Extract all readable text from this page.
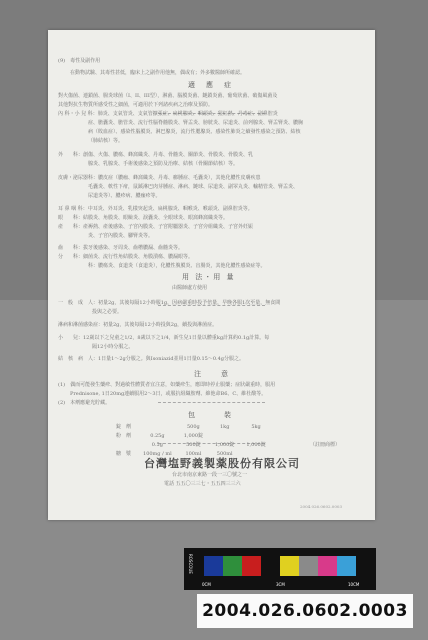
錠　劑		500g	1kg	5kg
粉　劑	0.25g	1,000錠		
	0.5g	500錠	1,000錠	1,000錠
糖　漿	100mg / ml	100ml	500ml	
（註冊商標）
台灣塩野義製薬股份有限公司
台北市南京東路一段一三〇號之一
電話 五五〇三三七・五五四三三六
2004.026.0602.0003
(9)　毒性及副作用
在動物試驗、其毒性甚低，臨床上之副作用他無，偶或有；外多數醫師所確認。
對火傷菌、連鎖菌、腸炎球菌（I、II、III型），淋菌、腦膜炎菌、鏈鎖炎菌、葡萄狀菌、破傷風菌及
其他對抗生物質所感受性之細菌，可適用於下列諸疾病之治療及預防。
內 科・小 兒 科：肺炎、支氣管炎、支氣管擴張症、扁桃腺炎、咽頭炎、猩紅熱、丹毒症、副鼻腔炎
症、膽囊炎、膽管炎、流行性腦脊髓膜炎、腎盂炎、膀胱炎、尿道炎、前列腺炎、腎盂腎炎、膿胸
病（敗血症）、感染性腦膜炎、淋巴腺炎，流行性腮腺炎、感染性肺炎之續發性感染之預防、結核
（肺結核）等。
外　　科：創傷、火傷、膿瘍、蜂窩織炎、丹毒、骨髓炎、關節炎、骨膜炎、骨膜炎、乳
腺炎、乳腺炎、手術後感染之預防及治療、結核（骨關節結核）等。
皮膚・泌尿器科：膿皮症（膿痂、蜂窩織炎、丹毒、癤腫症、毛囊炎），其他化膿性皮膚疾患
毛囊炎、軟性下疳，鼠蹊淋巴肉芽腫症、淋病、鏈球、尿道炎、副睪丸炎、輸精管炎、腎盂炎、
尿道炎等）、膿疹病、膿痂疹等。
耳 鼻 咽 科：中耳炎、外耳炎、乳樣突起炎、扁桃腺炎、咽喉炎、喉頭炎、副鼻腔炎等。
眼　　科：結膜炎、角膜炎、眼瞼炎、淚囊炎、全眼球炎、眼窩蜂窩織炎等。
產　　科：產褥熱、產後感染、子宮內膜炎、子宮附屬器炎、子宮旁組織炎、子宮外妊娠
炎、子宮內膜炎、腳腎炎等。
齒　　科：拔牙後感染、牙周炎、齒槽膿漏、齒髓炎等。
分　　科：細菌炎、流行性角結膜炎、角膜潰瘍、膿漏眼等。
科：膿瘍炎、食道炎（食道炎），化膿性腹膜炎、盲腸炎，其他化膿性感染症等。
由醫師處方使用
一　般　成　人：初量2g，其後每隔12小時服1g，因病嚴重時投予倍量，早晚各服1次至量，無食間
投與之必要。
淋病和淋菌感染症：初量2g，其後每隔12小時投與2g，續投與淋菌症。
小　　兒：12歲以下之兒童之1/2，8歲以下之1/4，新生兒1日量以體重kg計算約0.1g計算。每
隔12小時分服之。
結　核　病　人：1日量1～2g分服之。與Isoniazid並用1日量0.15～0.4g分服之。
(1)　偶而可能發生藥疹、對過敏性體質者宜注意，如藥疹生，應即時停止服藥；症狀嚴重時，服用
Prednisone, 1日20mg連續服用2～3日，或服抗組織胺劑、維他命B6、C、維杜酸等。
(2)　本劑應避光貯藏。
適　應　症
用 法・用 量
注　　意
包　　　裝
ROSCOUE
0CM	3CM	10CM
2004.026.0602.0003
